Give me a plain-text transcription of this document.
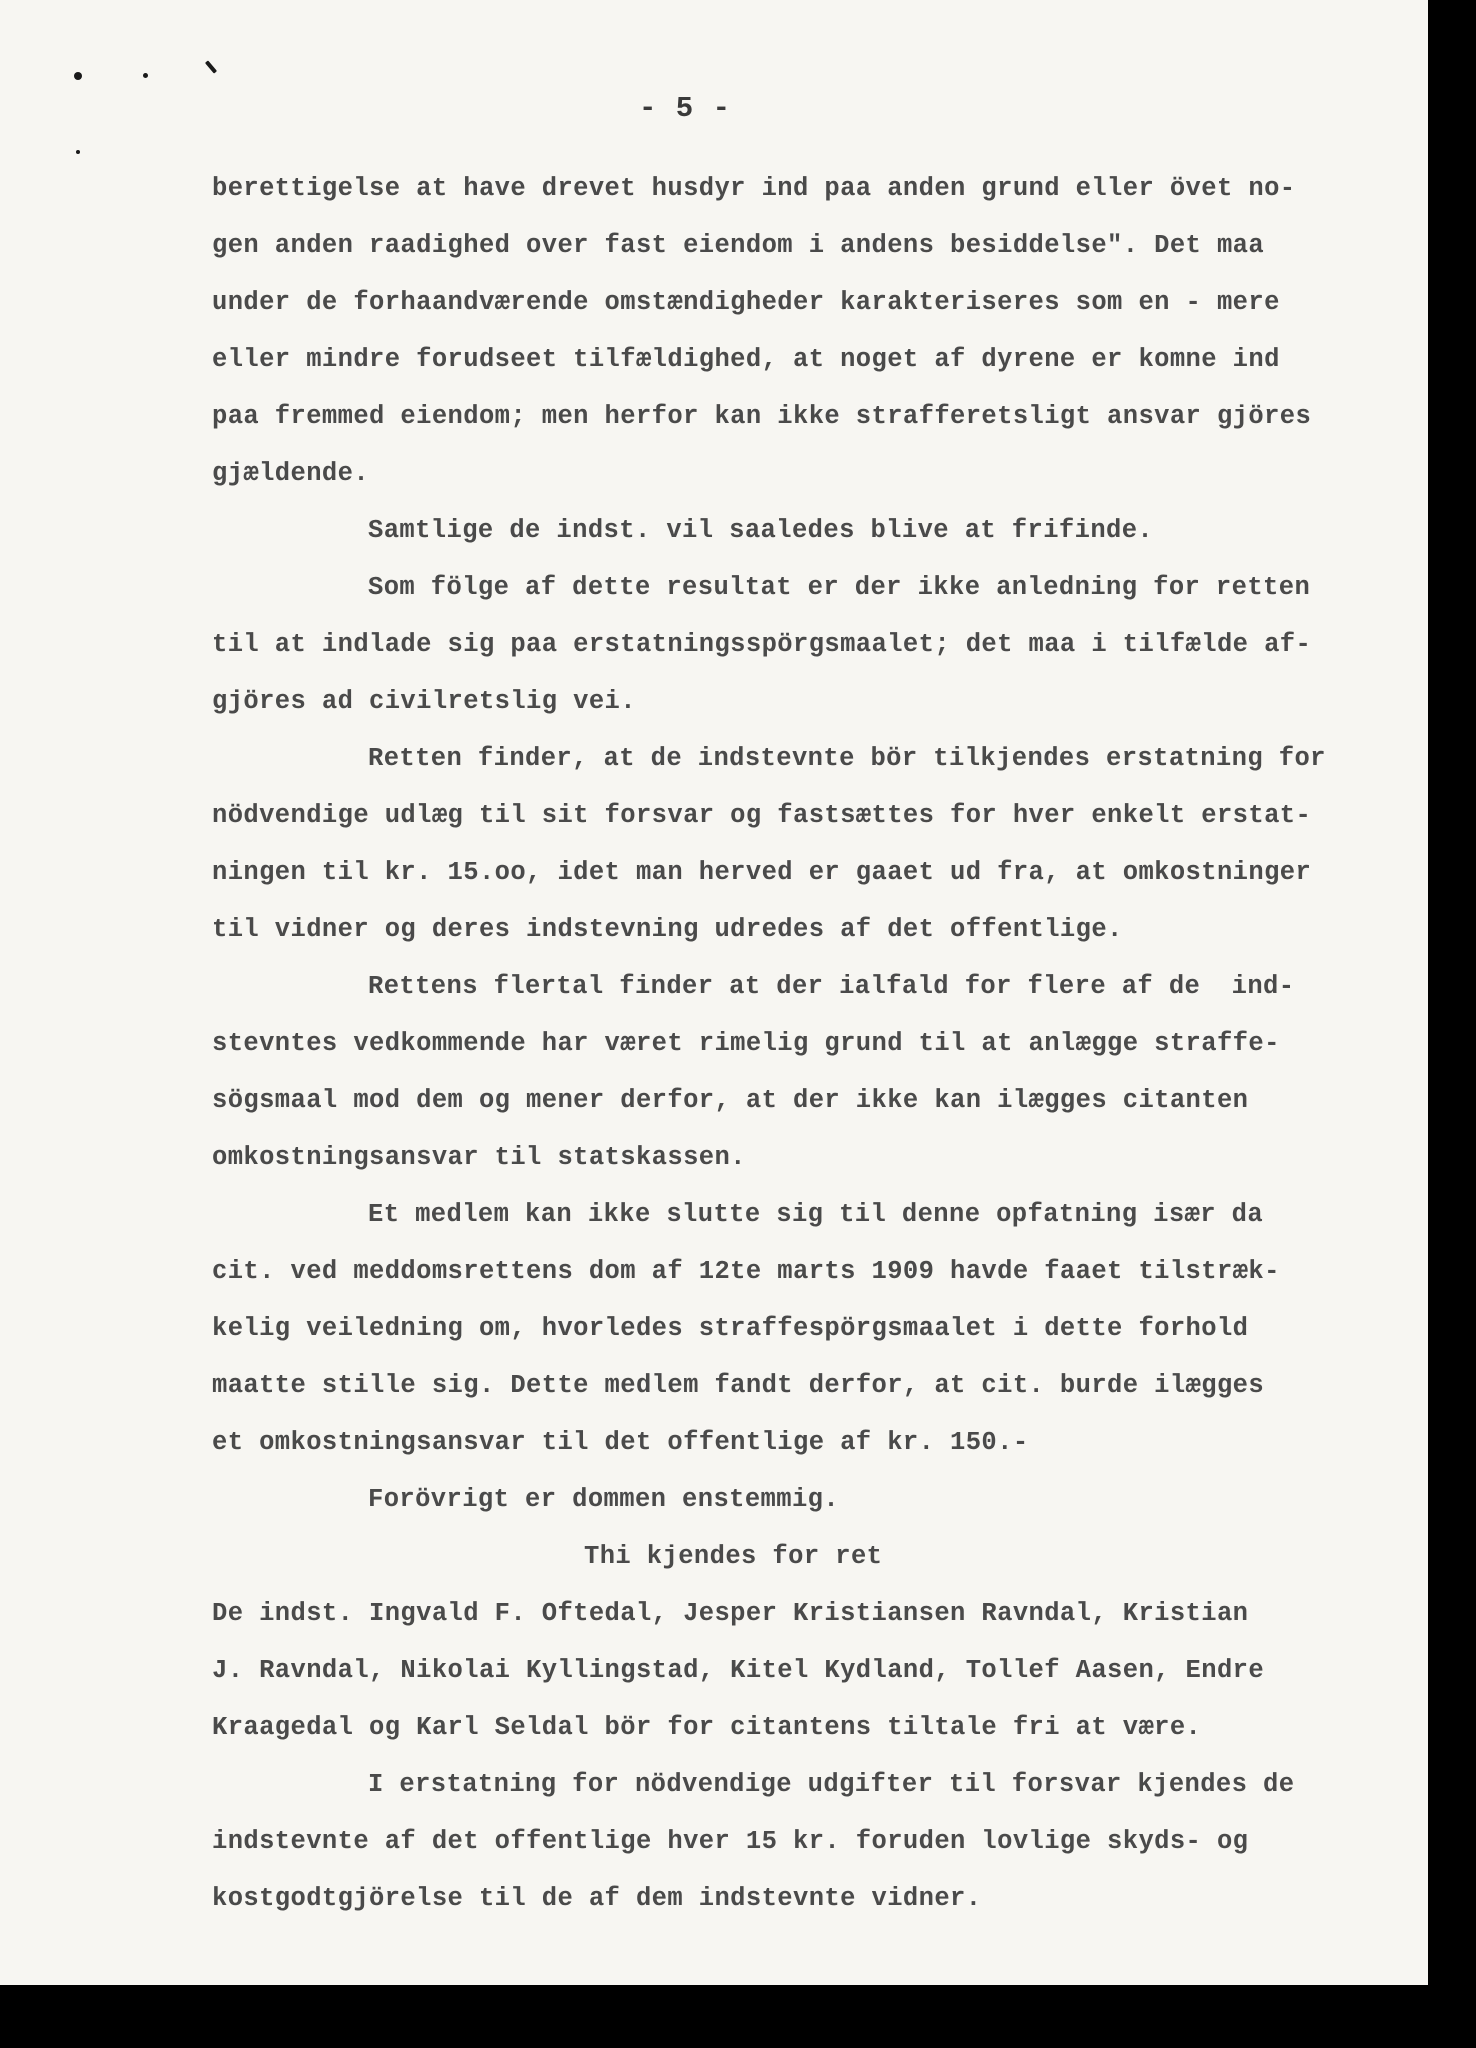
- 5 -

berettigelse at have drevet husdyr ind paa anden grund eller övet no-
gen anden raadighed over fast eiendom i andens besiddelse". Det maa
under de forhaandværende omstændigheder karakteriseres som en - mere
eller mindre forudseet tilfældighed, at noget af dyrene er komne ind
paa fremmed eiendom; men herfor kan ikke strafferetsligt ansvar gjöres
gjældende.
Samtlige de indst. vil saaledes blive at frifinde.
Som fölge af dette resultat er der ikke anledning for retten
til at indlade sig paa erstatningsspörgsmaalet; det maa i tilfælde af-
gjöres ad civilretslig vei.
Retten finder, at de indstevnte bör tilkjendes erstatning for
nödvendige udlæg til sit forsvar og fastsættes for hver enkelt erstat-
ningen til kr. 15.oo, idet man herved er gaaet ud fra, at omkostninger
til vidner og deres indstevning udredes af det offentlige.
Rettens flertal finder at der ialfald for flere af de  ind-
stevntes vedkommende har været rimelig grund til at anlægge straffe-
sögsmaal mod dem og mener derfor, at der ikke kan ilægges citanten
omkostningsansvar til statskassen.
Et medlem kan ikke slutte sig til denne opfatning især da
cit. ved meddomsrettens dom af 12te marts 1909 havde faaet tilstræk-
kelig veiledning om, hvorledes straffespörgsmaalet i dette forhold
maatte stille sig. Dette medlem fandt derfor, at cit. burde ilægges
et omkostningsansvar til det offentlige af kr. 150.-
Forövrigt er dommen enstemmig.
Thi kjendes for ret
De indst. Ingvald F. Oftedal, Jesper Kristiansen Ravndal, Kristian
J. Ravndal, Nikolai Kyllingstad, Kitel Kydland, Tollef Aasen, Endre
Kraagedal og Karl Seldal bör for citantens tiltale fri at være.
I erstatning for nödvendige udgifter til forsvar kjendes de
indstevnte af det offentlige hver 15 kr. foruden lovlige skyds- og
kostgodtgjörelse til de af dem indstevnte vidner.
